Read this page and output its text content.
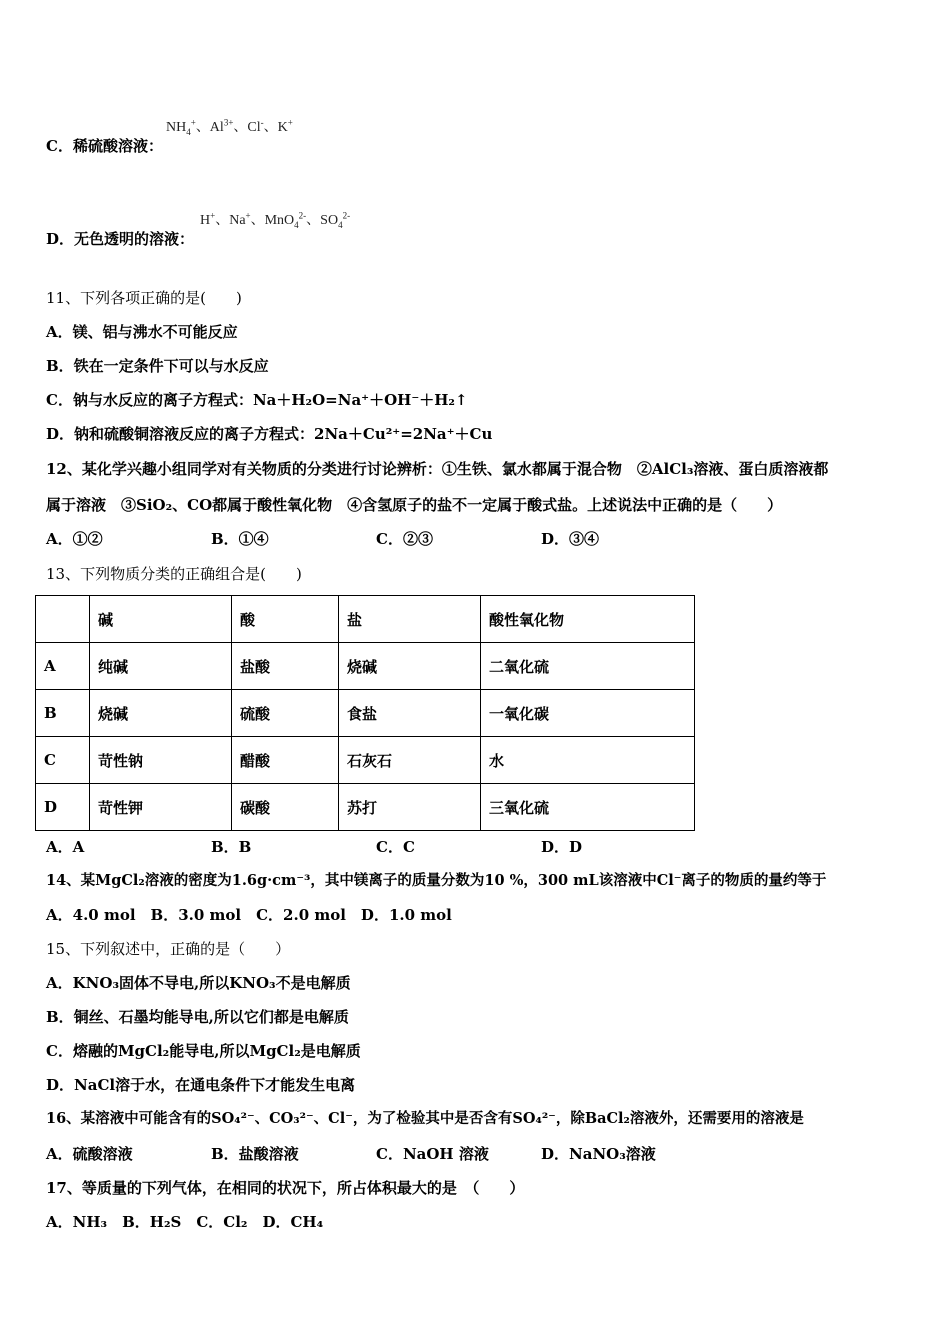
$NH_4^+$、$Al^{3+}$、Cl-、K+
C．稀硫酸溶液：
H+、Na+、MnO$_4^{2-}$、$SO_4^{2-}$
D．无色透明的溶液：
11、下列各项正确的是(　　)
A．镁、铝与沸水不可能反应
B．铁在一定条件下可以与水反应
C．钠与水反应的离子方程式：Na＋H₂O=Na⁺＋OH⁻＋H₂↑
D．钠和硫酸铜溶液反应的离子方程式：2Na＋Cu²⁺=2Na⁺＋Cu
12、某化学兴趣小组同学对有关物质的分类进行讨论辨析：①生铁、氯水都属于混合物　②AlCl₃溶液、蛋白质溶液都
属于溶液　③SiO₂、CO都属于酸性氧化物　④含氢原子的盐不一定属于酸式盐。上述说法中正确的是（　　）
A．①②	B．①④	C．②③	D．③④
13、下列物质分类的正确组合是(　　)
	碱	酸	盐	酸性氧化物
A	纯碱	盐酸	烧碱	二氧化硫
B	烧碱	硫酸	食盐	一氧化碳
C	苛性钠	醋酸	石灰石	水
D	苛性钾	碳酸	苏打	三氧化硫
A．A	B．B	C．C	D．D
14、某MgCl₂溶液的密度为1.6g·cm⁻³，其中镁离子的质量分数为10 %，300 mL该溶液中Cl⁻离子的物质的量约等于
A．4.0 mol　B．3.0 mol　C．2.0 mol　D．1.0 mol
15、下列叙述中，正确的是（　　）
A．KNO₃固体不导电,所以KNO₃不是电解质
B．铜丝、石墨均能导电,所以它们都是电解质
C．熔融的MgCl₂能导电,所以MgCl₂是电解质
D．NaCl溶于水，在通电条件下才能发生电离
16、某溶液中可能含有的SO₄²⁻、CO₃²⁻、Cl⁻，为了检验其中是否含有SO₄²⁻，除BaCl₂溶液外，还需要用的溶液是
A．硫酸溶液	B．盐酸溶液	C．NaOH 溶液	D．NaNO₃溶液
17、等质量的下列气体，在相同的状况下，所占体积最大的是　（　　）
A．NH₃　B．H₂S　C．Cl₂　D．CH₄
